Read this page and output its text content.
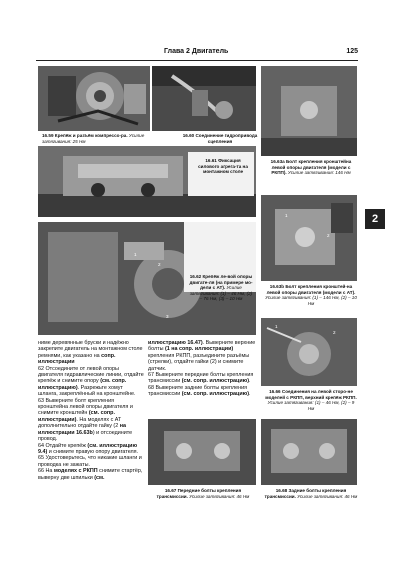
Глава 2 Двигатель	125
2
16.59 Крепёж и разъём компрессо-ра. Усилие затягивания: 25 Нм
16.60 Соединение гидропривода сцепления
16.61 Фиксация силового агрега-та на монтажном столе
16.62 Крепёж ле-вой опоры двигате-ля (на примере мо-дели с АТ). Усилие затягивания: (1) – 46 Нм, (2) – 76 Нм, (3) – 10 Нм
1
2
3
16.63a Болт крепления кронштейна левой опоры двигателя (модели с РКПП). Усилие затягивания: 146 Нм
1
2
16.63b Болт крепления кронштей-на левой опоры двигателя (модели с АТ). Усилие затягивания: (1) – 146 Нм, (2) – 10 Нм
1
2
16.66 Соединения на левой сторо-не моделей с РКПП, верхний крепёж РКПП. Усилие затягивания: (1) – 46 Нм, (2) – 9 Нм
16.68 Задние болты крепления трансмиссии. Усилие затягивания: 46 Нм

ниме деревянные бруски и надёжно закрепите двигатель на монтажном столе ремнями, как указано на сопр. иллюстрации

62 Отсоедините от левой опоры двигателя гидравлические линии, отдайте крепёж и снимите опору (см. сопр. иллюстрацию). Разрежьте хомут шланга, закреплённый на кронштейне.

63 Выверните болт крепления кронштейна левой опоры двигателя и снимите кронштейн (см. сопр. иллюстрации). На моделях с АТ дополнительно отдайте гайку (2 на иллюстрации 16.63b) и отсоедините провод.

64 Отдайте крепёж (см. иллюстрацию 9.4) и снимите правую опору двигателя.

65 Удостоверьтесь, что никакие шланги и проводка не зажаты.

66 На моделях с РКПП снимите стартёр, выверну две шпильки (см.

иллюстрацию 16.47). Выверните верхние болты (1 на сопр. иллюстрации) крепления РКПП, разъедините разъёмы (стрелки), отдайте гайки (2) и снимите датчик.

67 Выверните передние болты крепления трансмиссии (см. сопр. иллюстрацию).

68 Выверните задние болты крепления трансмиссии (см. сопр. иллюстрацию).

16.67 Передние болты крепления трансмиссии. Усилие затягивания: 46 Нм
